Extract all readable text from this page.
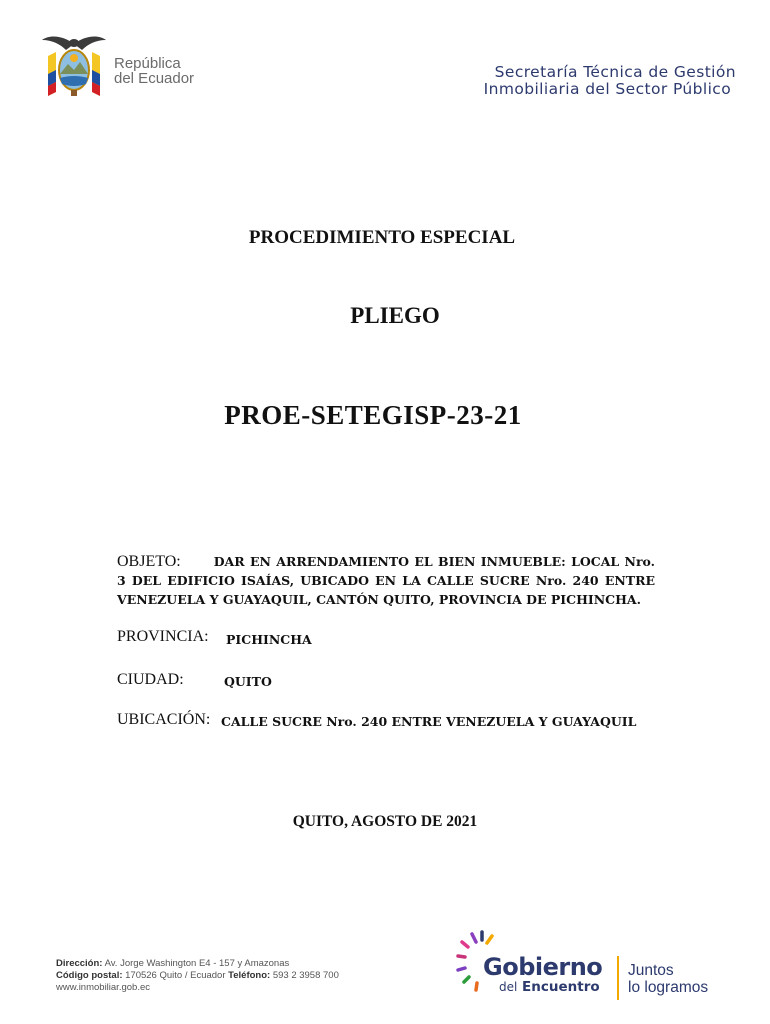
República
del Ecuador	Secretaría Técnica de Gestión
Inmobiliaria del Sector Público
PROCEDIMIENTO ESPECIAL
PLIEGO
PROE-SETEGISP-23-21
OBJETO:	DAR EN ARRENDAMIENTO EL BIEN INMUEBLE: LOCAL Nro. 3 DEL EDIFICIO ISAÍAS, UBICADO EN LA CALLE SUCRE Nro. 240 ENTRE VENEZUELA Y GUAYAQUIL, CANTÓN QUITO, PROVINCIA DE PICHINCHA.
PROVINCIA: PICHINCHA
CIUDAD:	QUITO
UBICACIÓN: CALLE SUCRE Nro. 240 ENTRE VENEZUELA Y GUAYAQUIL
QUITO, AGOSTO DE 2021
Dirección: Av. Jorge Washington E4 - 157 y Amazonas
Código postal: 170526 Quito / Ecuador Teléfono: 593 2 3958 700
www.inmobiliar.gob.ec
Gobierno
del Encuentro
Juntos
lo logramos
